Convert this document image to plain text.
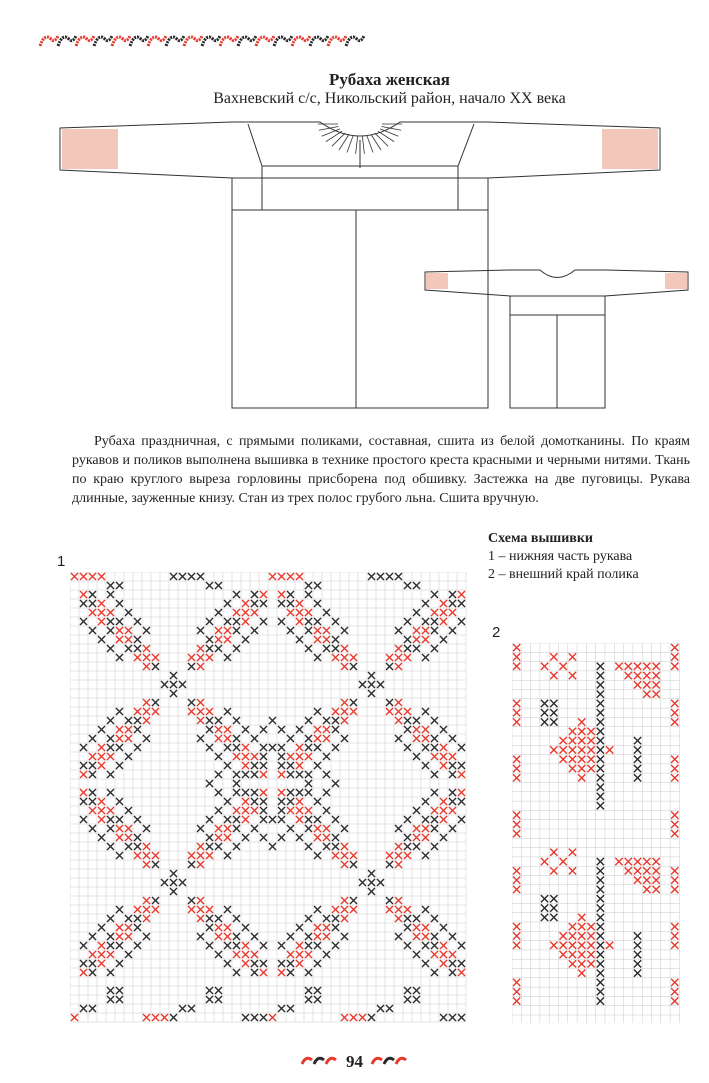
Рубаха женская
Вахневский с/с, Никольский район, начало XX века

Рубаха праздничная, с прямыми поликами, составная, сшита из белой домотканины. По краям рукавов и поликов выполнена вышивка в технике простого креста красными и черными нитями. Ткань по краю круглого выреза горловины присборена под обшивку. Застежка на две пуговицы. Рукава длинные, зауженные книзу. Стан из трех полос грубого льна. Сшита вручную.

Схема вышивки
1 – нижняя часть рукава
2 – внешний край полика
1
2
94
